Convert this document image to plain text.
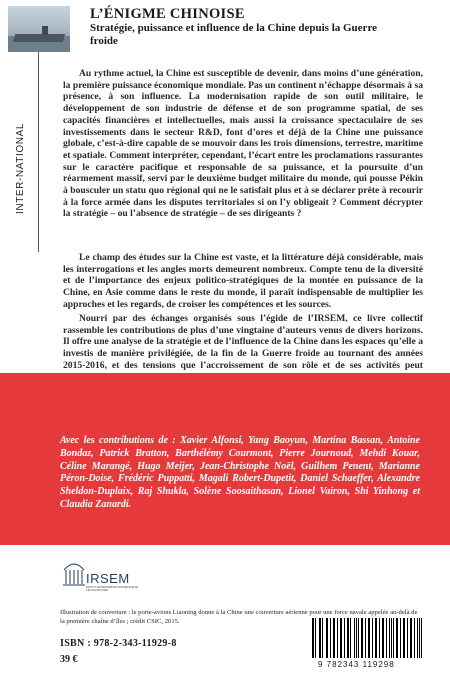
INTER-NATIONAL
L’ÉNIGME CHINOISE
Stratégie, puissance et influence de la Chine depuis la Guerre froide
Au rythme actuel, la Chine est susceptible de devenir, dans moins d’une génération, la première puissance économique mondiale. Pas un continent n’échappe désormais à sa présence, à son influence. La modernisation rapide de son outil militaire, le développement de son industrie de défense et de son programme spatial, de ses capacités financières et intellectuelles, mais aussi la croissance spectaculaire de ses investissements dans le secteur R&D, font d’ores et déjà de la Chine une puissance globale, c’est-à-dire capable de se mouvoir dans les trois dimensions, terrestre, maritime et spatiale. Comment interpréter, cependant, l’écart entre les proclamations rassurantes sur le caractère pacifique et responsable de sa puissance, et la poursuite d’un réarmement massif, servi par le deuxième budget militaire du monde, qui pousse Pékin à bousculer un statu quo régional qui ne le satisfait plus et à se déclarer prête à recourir à la force armée dans les disputes territoriales si on l’y obligeait ? Comment décrypter la stratégie – ou l’absence de stratégie – de ses dirigeants ?
Le champ des études sur la Chine est vaste, et la littérature déjà considérable, mais les interrogations et les angles morts demeurent nombreux. Compte tenu de la diversité et de l’importance des enjeux politico-stratégiques de la montée en puissance de la Chine, en Asie comme dans le reste du monde, il paraît indispensable de multiplier les approches et les regards, de croiser les compétences et les sources.
Nourri par des échanges organisés sous l’égide de l’IRSEM, ce livre collectif rassemble les contributions de plus d’une vingtaine d’auteurs venus de divers horizons. Il offre une analyse de la stratégie et de l’influence de la Chine dans les espaces qu’elle a investis de manière privilégiée, de la fin de la Guerre froide au tournant des années 2015-2016, et des tensions que l’accroissement de son rôle et de ses activités peut
Avec les contributions de : Xavier Alfonsi, Yang Baoyun, Martina Bassan, Antoine Bondaz, Patrick Bratton, Barthélémy Courmont, Pierre Journoud, Mehdi Kouar, Céline Marangé, Hugo Meijer, Jean-Christophe Noël, Guilhem Penent, Marianne Péron-Doise, Frédéric Puppatti, Magali Robert-Dupetit, Daniel Schaeffer, Alexandre Sheldon-Duplaix, Raj Shukla, Solène Soosaithasan, Lionel Vairon, Shi Yinhong et Claudia Zanardi.
IRSEM
INSTITUT DE RECHERCHE STRATÉGIQUE DE L’ÉCOLE MILITAIRE
Illustration de couverture : le porte-avions Liaoning donne à la Chine une couverture aérienne pour une force navale appelée au-delà de la première chaîne d’îles ; crédit CSIC, 2015.
ISBN : 978-2-343-11929-8
39 €	9 782343 119298
